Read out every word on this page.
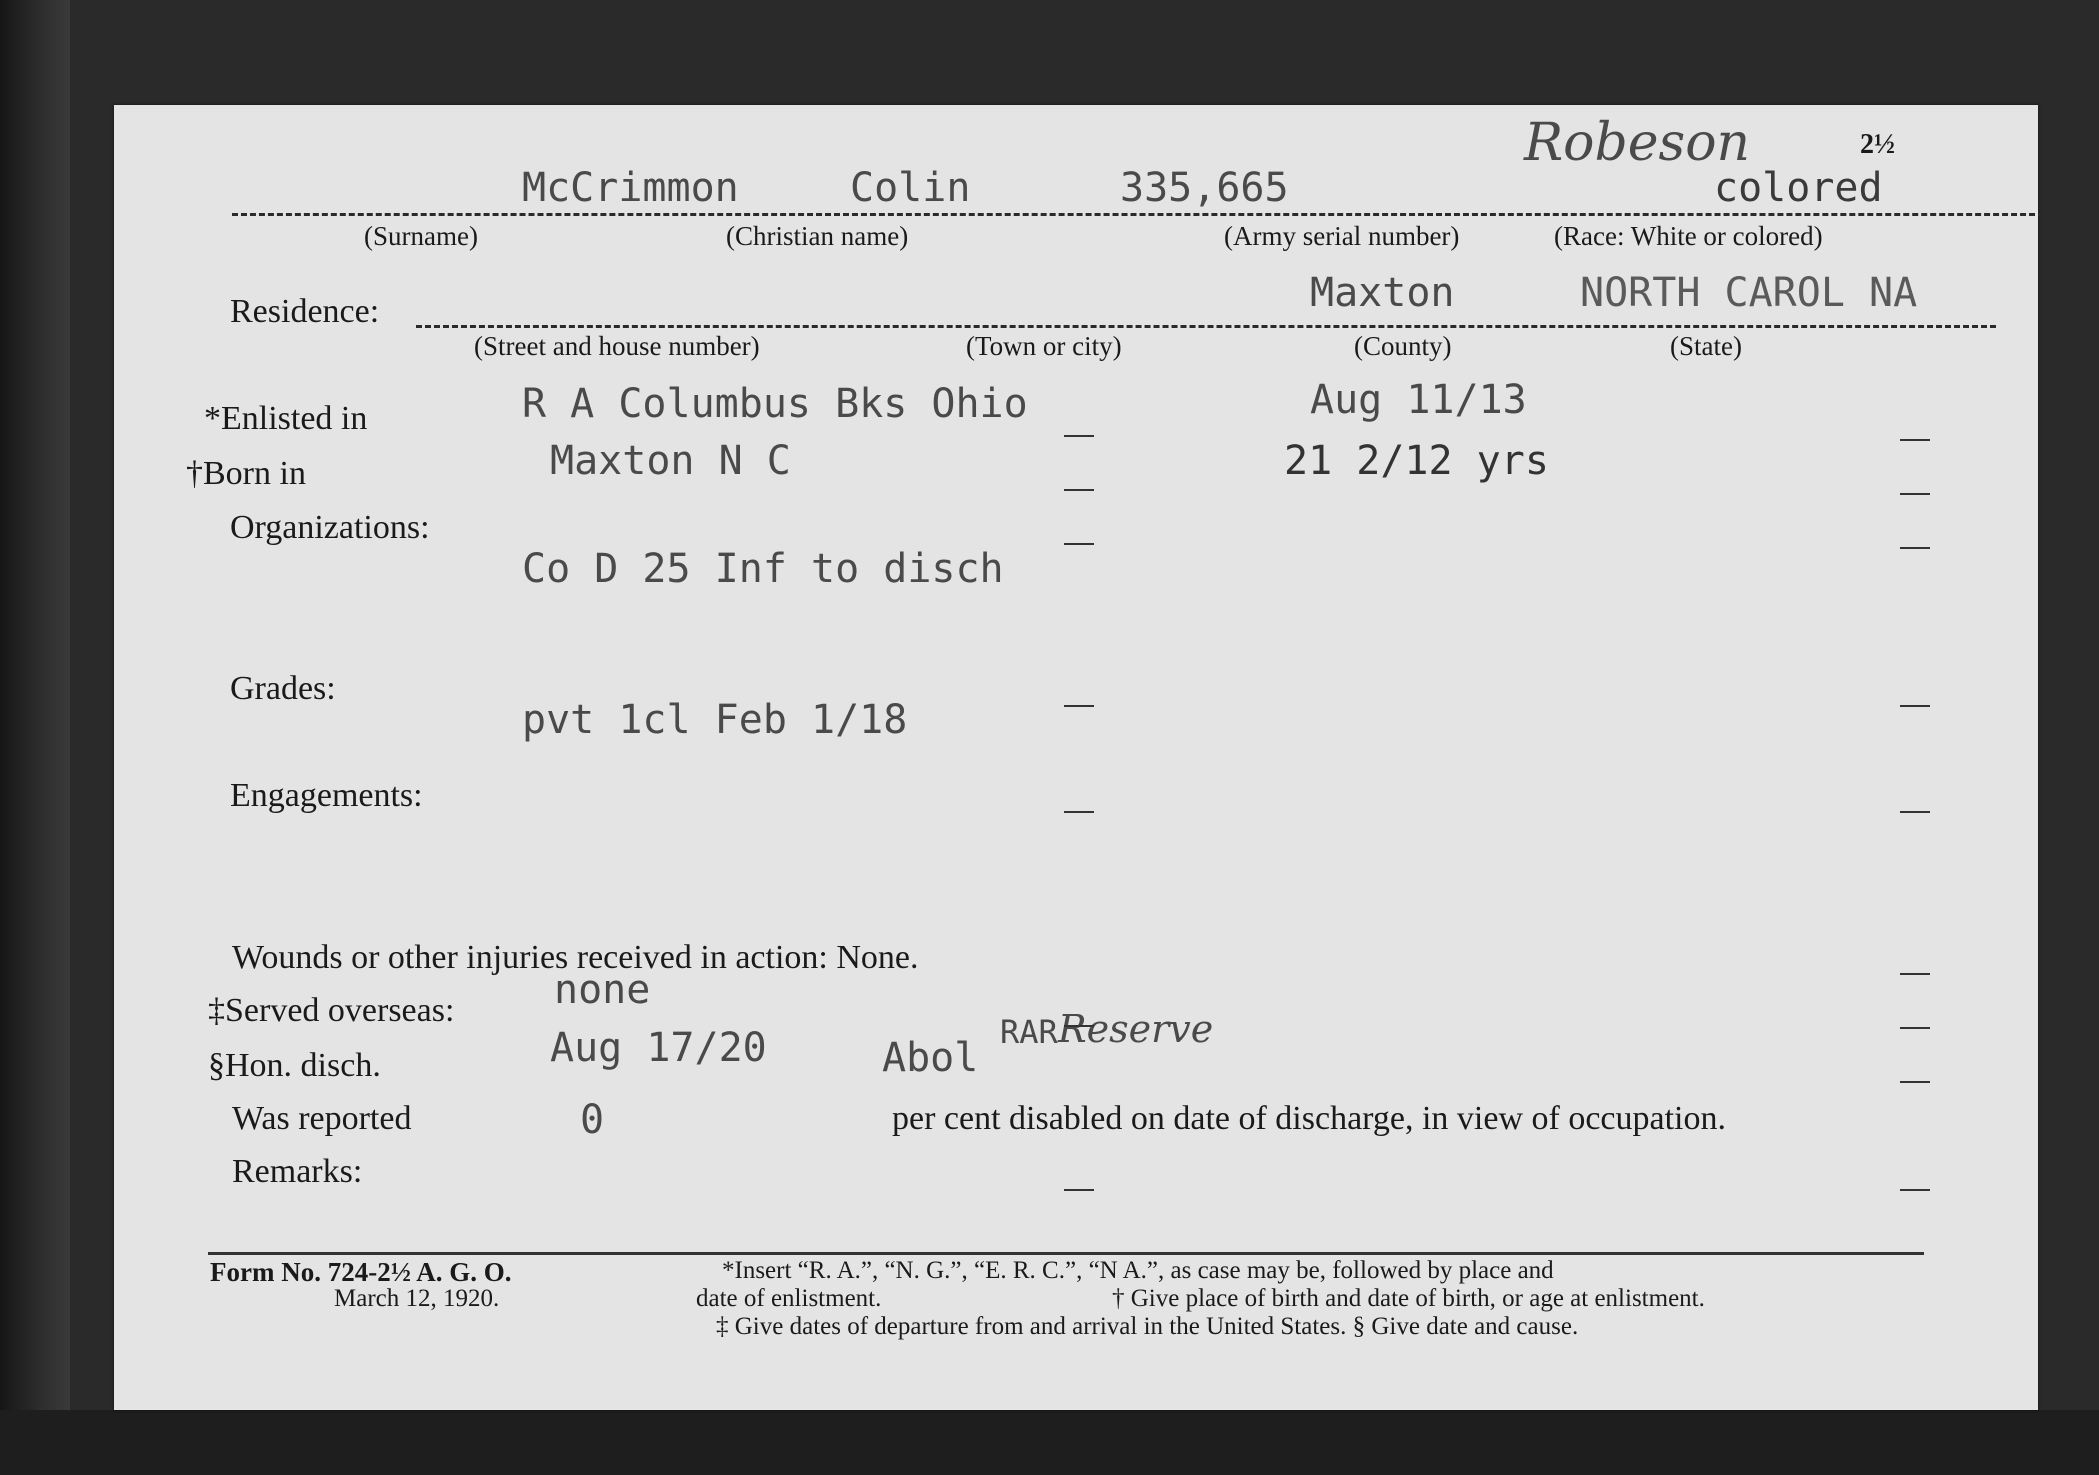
McCrimmon	Colin	335,665
Robeson	2½
colored
(Surname)	(Christian name)	(Army serial number)	(Race: White or colored)
Residence:	Maxton	NORTH CAROL NA
(Street and house number)	(Town or city)	(County)	(State)
*Enlisted in	R A Columbus Bks Ohio	Aug 11/13
†Born in	Maxton N C	21 2/12 yrs
Organizations:
Co D 25 Inf to disch
Grades:
pvt 1cl Feb 1/18
Engagements:
Wounds or other injuries received in action: None.
‡Served overseas: none
§Hon. disch.	Aug 17/20	Abol
RAR Reserve
Was reported	0	per cent disabled on date of discharge, in view of occupation.
Remarks:
Form No. 724-2½ A. G. O.
March 12, 1920.
*Insert “R. A.”, “N. G.”, “E. R. C.”, “N A.”, as case may be, followed by place and
date of enlistment.	† Give place of birth and date of birth, or age at enlistment.
‡ Give dates of departure from and arrival in the United States. § Give date and cause.
